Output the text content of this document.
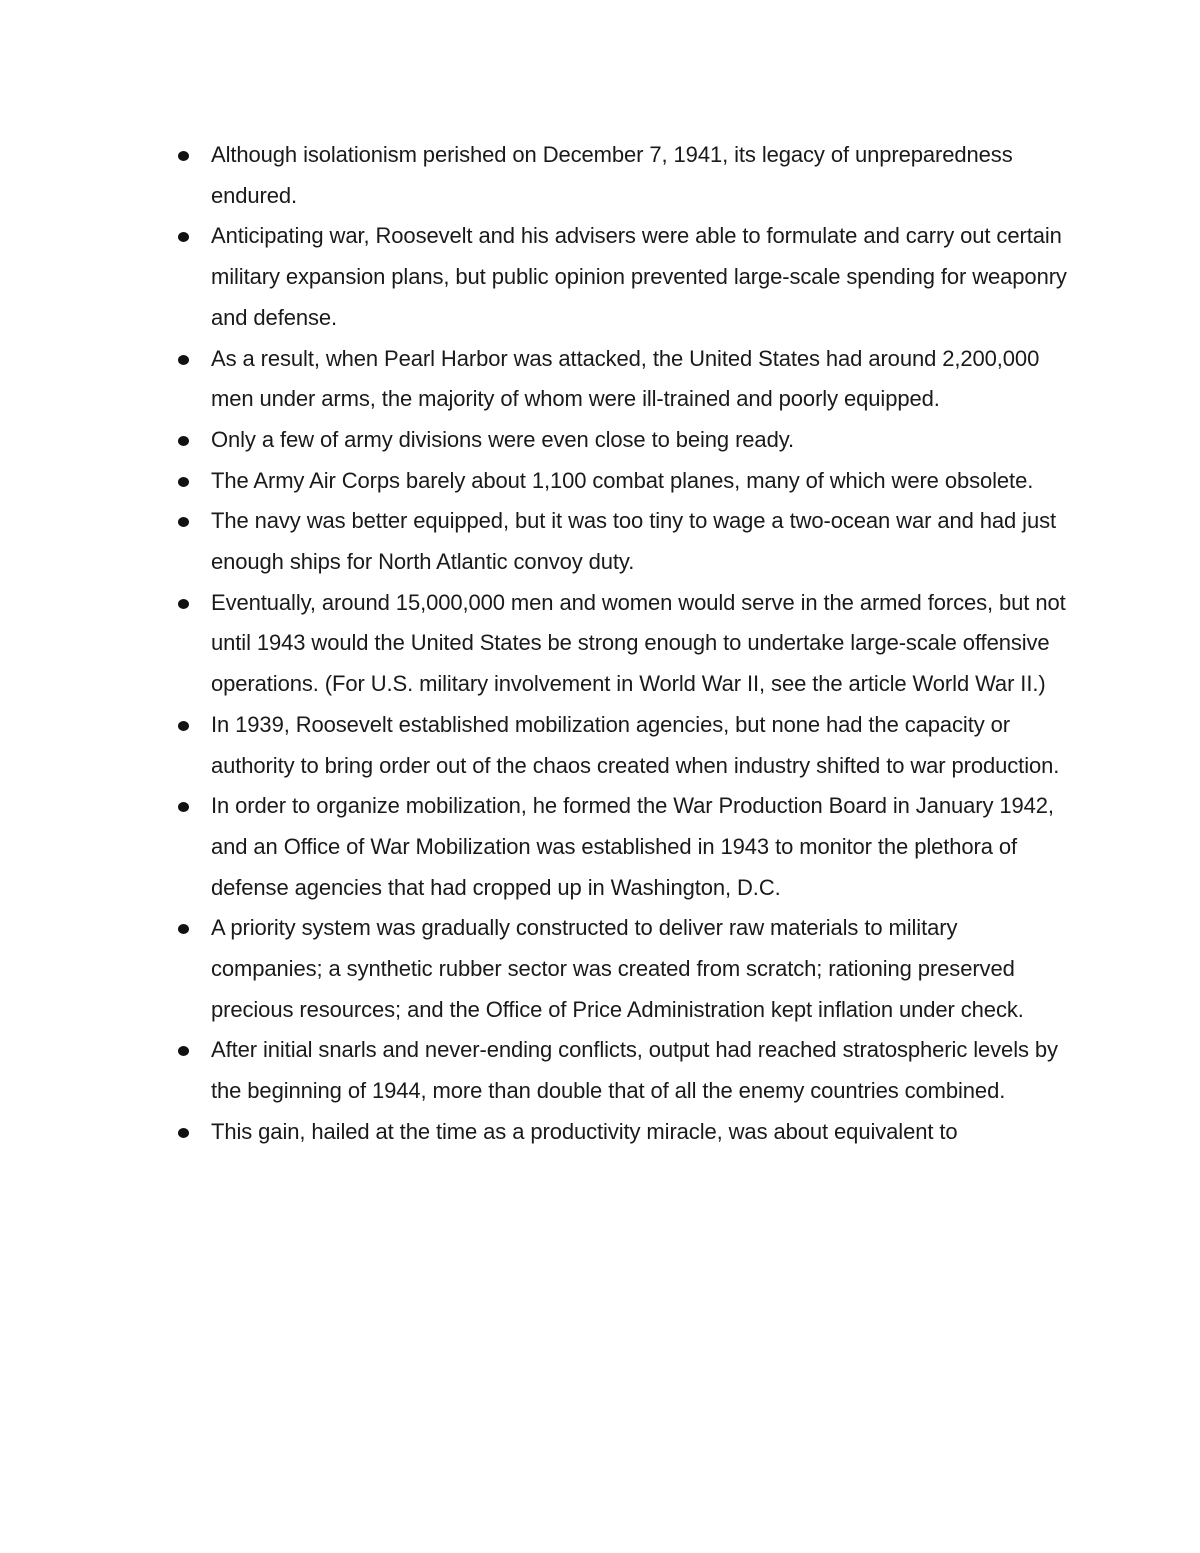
Although isolationism perished on December 7, 1941, its legacy of unpreparedness endured.
Anticipating war, Roosevelt and his advisers were able to formulate and carry out certain military expansion plans, but public opinion prevented large-scale spending for weaponry and defense.
As a result, when Pearl Harbor was attacked, the United States had around 2,200,000 men under arms, the majority of whom were ill-trained and poorly equipped.
Only a few of army divisions were even close to being ready.
The Army Air Corps barely about 1,100 combat planes, many of which were obsolete.
The navy was better equipped, but it was too tiny to wage a two-ocean war and had just enough ships for North Atlantic convoy duty.
Eventually, around 15,000,000 men and women would serve in the armed forces, but not until 1943 would the United States be strong enough to undertake large-scale offensive operations. (For U.S. military involvement in World War II, see the article World War II.)
In 1939, Roosevelt established mobilization agencies, but none had the capacity or authority to bring order out of the chaos created when industry shifted to war production.
In order to organize mobilization, he formed the War Production Board in January 1942, and an Office of War Mobilization was established in 1943 to monitor the plethora of defense agencies that had cropped up in Washington, D.C.
A priority system was gradually constructed to deliver raw materials to military companies; a synthetic rubber sector was created from scratch; rationing preserved precious resources; and the Office of Price Administration kept inflation under check.
After initial snarls and never-ending conflicts, output had reached stratospheric levels by the beginning of 1944, more than double that of all the enemy countries combined.
This gain, hailed at the time as a productivity miracle, was about equivalent to
